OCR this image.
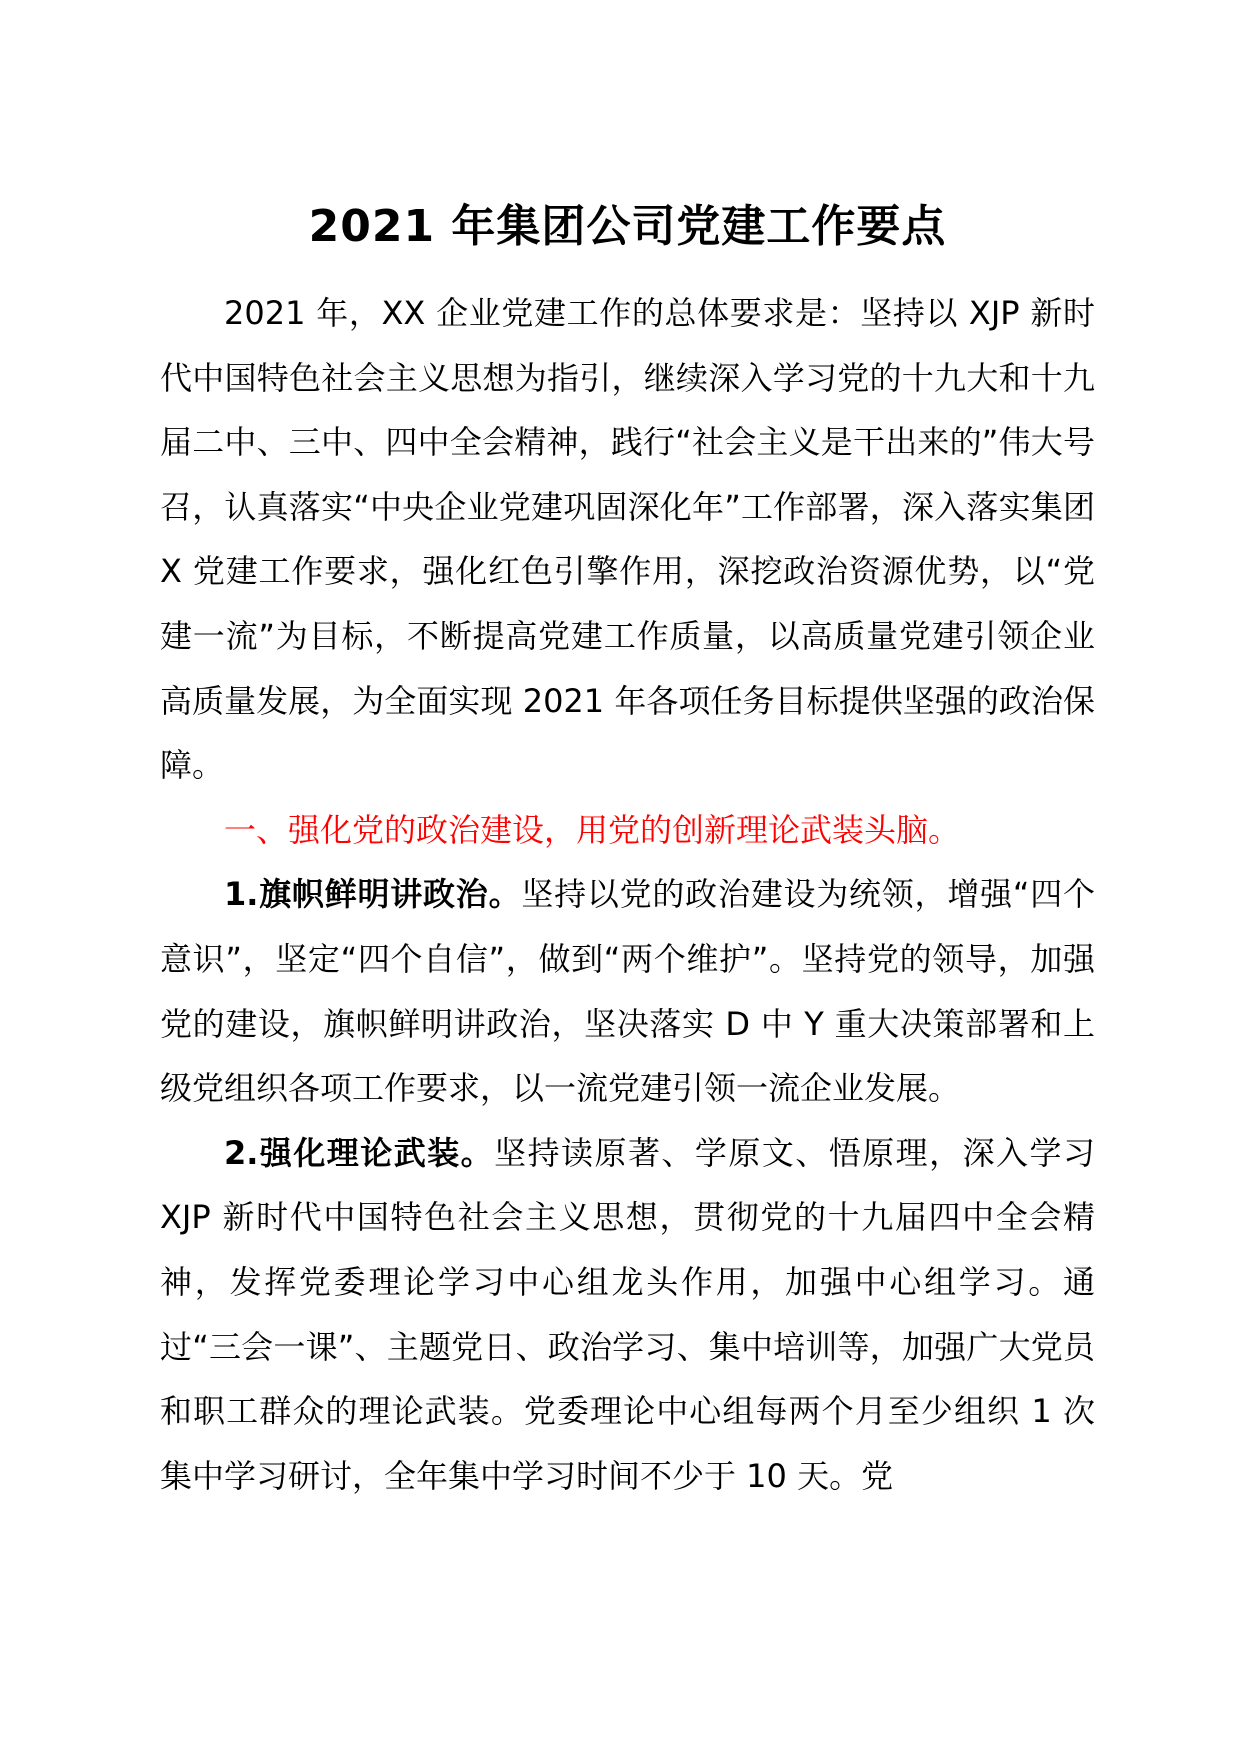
2021 年集团公司党建工作要点

2021 年，XX 企业党建工作的总体要求是：坚持以 XJP 新时代中国特色社会主义思想为指引，继续深入学习党的十九大和十九届二中、三中、四中全会精神，践行“社会主义是干出来的”伟大号召，认真落实“中央企业党建巩固深化年”工作部署，深入落实集团 X 党建工作要求，强化红色引擎作用，深挖政治资源优势，以“党建一流”为目标，不断提高党建工作质量，以高质量党建引领企业高质量发展，为全面实现 2021 年各项任务目标提供坚强的政治保障。

一、强化党的政治建设，用党的创新理论武装头脑。

1.旗帜鲜明讲政治。坚持以党的政治建设为统领，增强“四个意识”，坚定“四个自信”，做到“两个维护”。坚持党的领导，加强党的建设，旗帜鲜明讲政治，坚决落实 D 中 Y 重大决策部署和上级党组织各项工作要求，以一流党建引领一流企业发展。

2.强化理论武装。坚持读原著、学原文、悟原理，深入学习 XJP 新时代中国特色社会主义思想，贯彻党的十九届四中全会精神，发挥党委理论学习中心组龙头作用，加强中心组学习。通过“三会一课”、主题党日、政治学习、集中培训等，加强广大党员和职工群众的理论武装。党委理论中心组每两个月至少组织 1 次集中学习研讨，全年集中学习时间不少于 10 天。党
